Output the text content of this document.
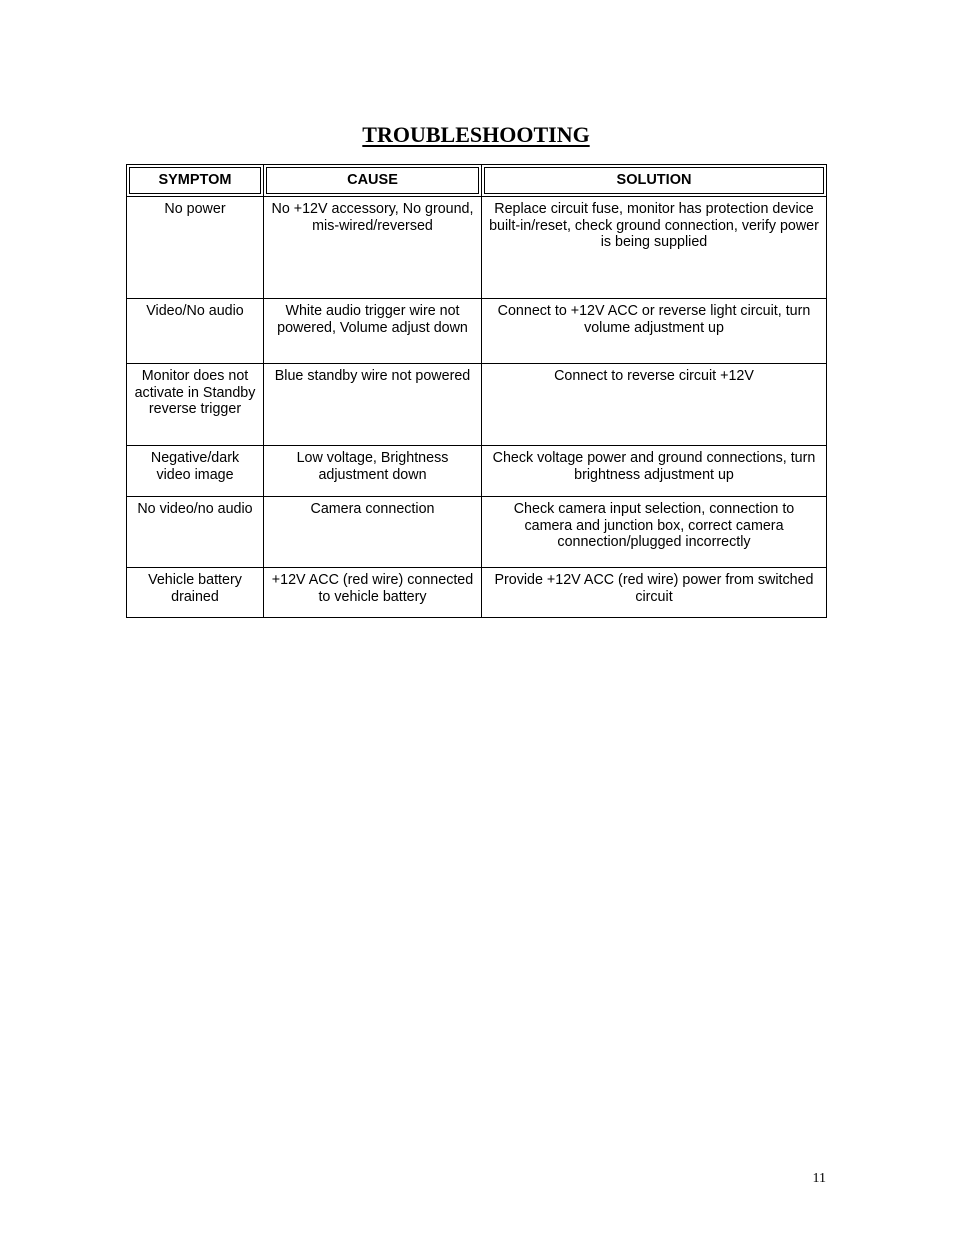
TROUBLESHOOTING
SYMPTOM	CAUSE	SOLUTION

No power	No +12V accessory, No ground, mis-wired/reversed	Replace circuit fuse, monitor has protection device built-in/reset, check ground connection, verify power is being supplied
Video/No audio	White audio trigger wire not powered, Volume adjust down	Connect to +12V ACC or reverse light circuit, turn volume adjustment up
Monitor does not activate in Standby reverse trigger	Blue standby wire not powered	Connect to reverse circuit +12V
Negative/dark video image	Low voltage, Brightness adjustment down	Check voltage power and ground connections, turn brightness adjustment up
No video/no audio	Camera connection	Check camera input selection, connection to camera and junction box, correct camera connection/plugged incorrectly
Vehicle battery drained	+12V ACC (red wire) connected to vehicle battery	Provide +12V ACC (red wire) power from switched circuit
11
